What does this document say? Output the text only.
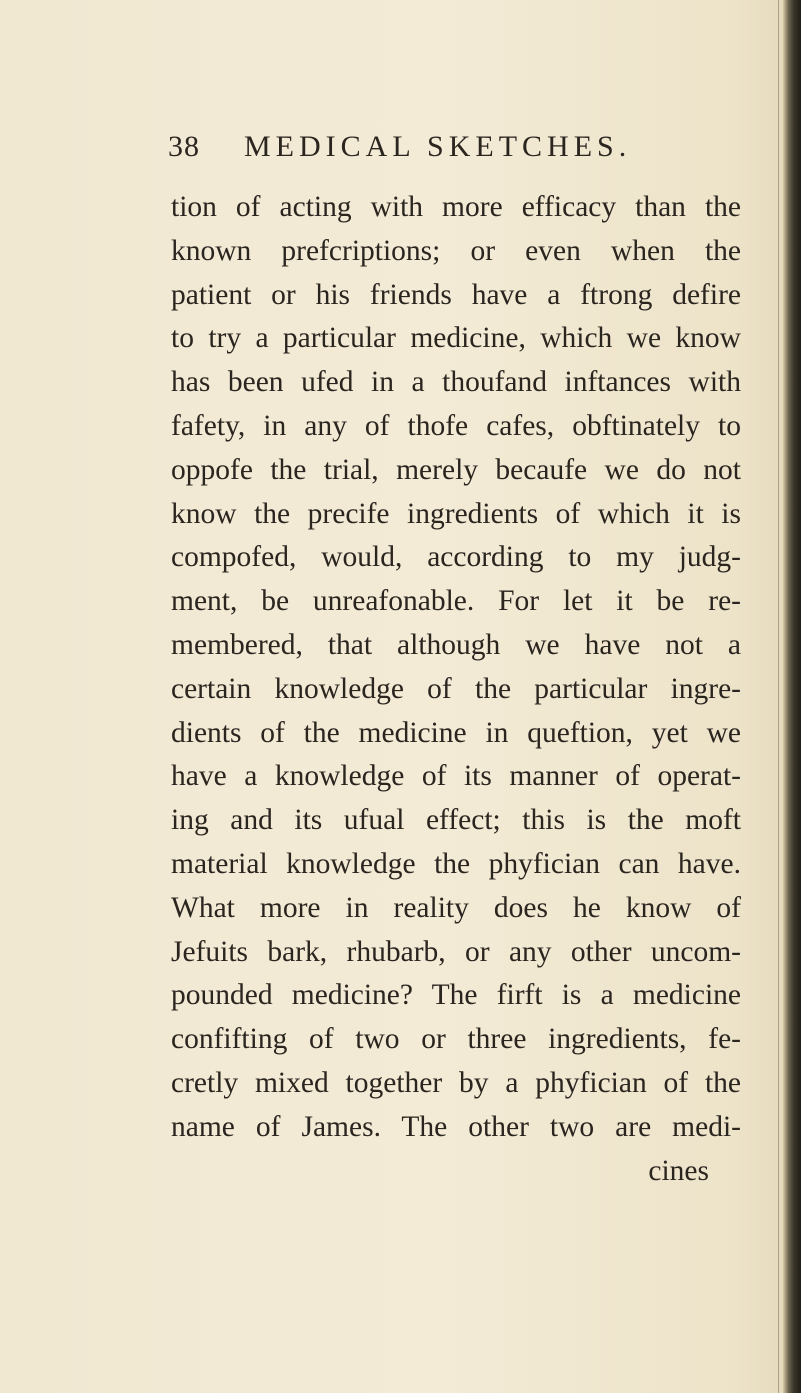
38	MEDICAL SKETCHES.
tion of acting with more efficacy than the
known prefcriptions; or even when the
patient or his friends have a ftrong defire
to try a particular medicine, which we know
has been ufed in a thoufand inftances with
fafety, in any of thofe cafes, obftinately to
oppofe the trial, merely becaufe we do not
know the precife ingredients of which it is
compofed, would, according to my judg-
ment, be unreafonable. For let it be re-
membered, that although we have not a
certain knowledge of the particular ingre-
dients of the medicine in queftion, yet we
have a knowledge of its manner of operat-
ing and its ufual effect; this is the moft
material knowledge the phyfician can have.
What more in reality does he know of
Jefuits bark, rhubarb, or any other uncom-
pounded medicine? The firft is a medicine
confifting of two or three ingredients, fe-
cretly mixed together by a phyfician of the
name of James. The other two are medi-
cines
